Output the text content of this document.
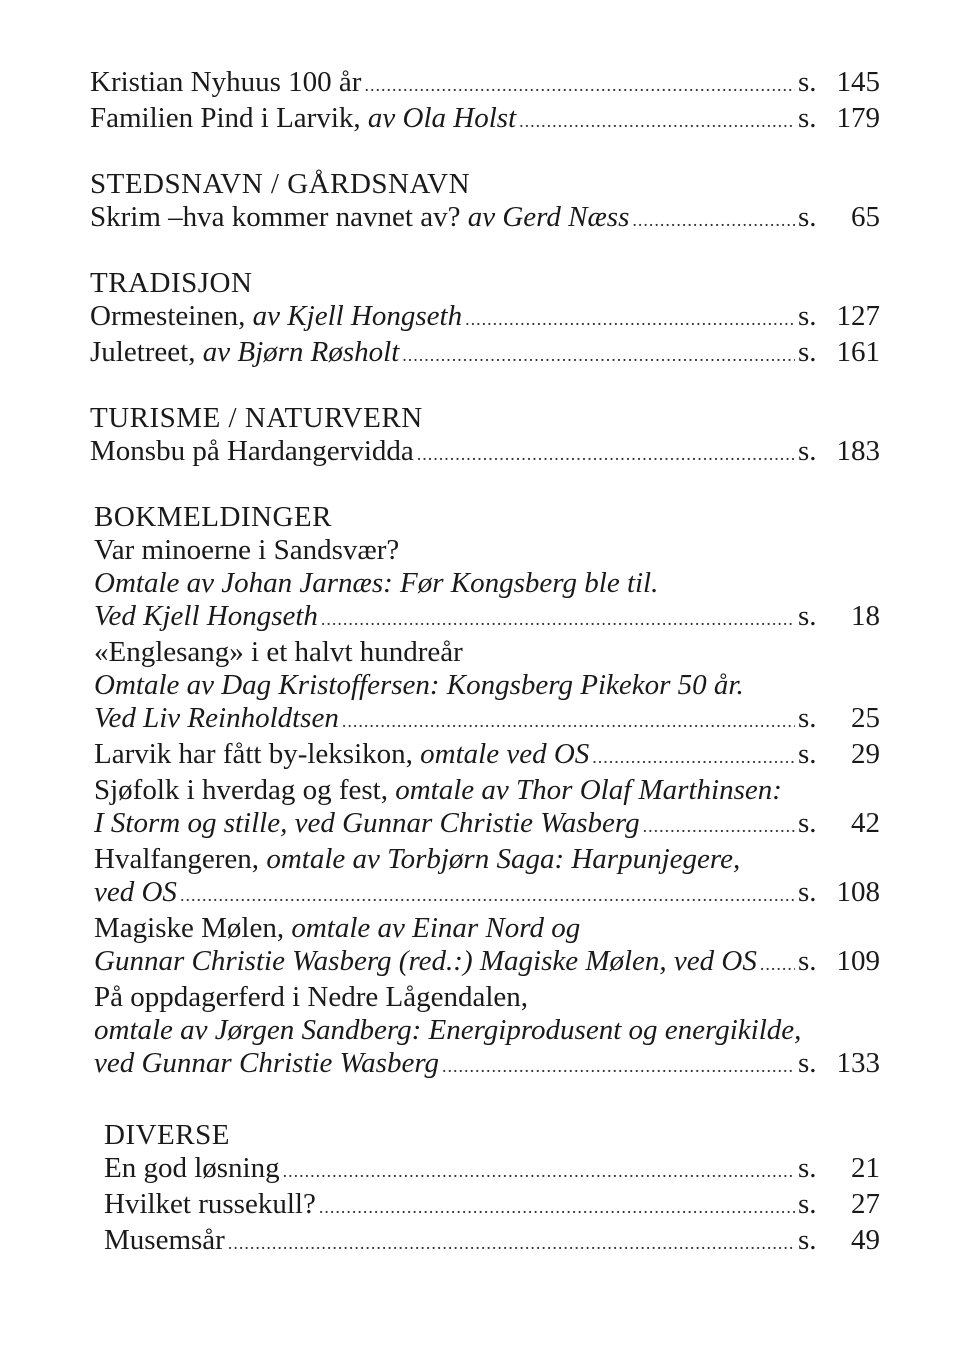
Kristian Nyhuus 100 år .....	s. 145
Familien Pind i Larvik, av Ola Holst .....	s. 179
STEDSNAVN / GÅRDSNAVN
Skrim –hva kommer navnet av? av Gerd Næss .....	s. 65
TRADISJON
Ormesteinen, av Kjell Hongseth .....	s. 127
Juletreet, av Bjørn Røsholt .....	s. 161
TURISME / NATURVERN
Monsbu på Hardangervidda .....	s. 183
BOKMELDINGER
Var minoerne i Sandsvær?
Omtale av Johan Jarnæs: Før Kongsberg ble til.
Ved Kjell Hongseth .....	s. 18
«Englesang» i et halvt hundreår
Omtale av Dag Kristoffersen: Kongsberg Pikekor 50 år.
Ved Liv Reinholdtsen .....	s. 25
Larvik har fått by-leksikon, omtale ved OS .....	s. 29
Sjøfolk i hverdag og fest, omtale av Thor Olaf Marthinsen:
I Storm og stille, ved Gunnar Christie Wasberg .....	s. 42
Hvalfangeren, omtale av Torbjørn Saga: Harpunjegere,
ved OS .....	s. 108
Magiske Mølen, omtale av Einar Nord og
Gunnar Christie Wasberg (red.:) Magiske Mølen, ved OS ..... s. 109
På oppdagerferd i Nedre Lågendalen,
omtale av Jørgen Sandberg: Energiprodusent og energikilde,
ved Gunnar Christie Wasberg .....	s. 133
DIVERSE
En god løsning .....	s. 21
Hvilket russekull? .....	s. 27
Musemsår .....	s. 49
